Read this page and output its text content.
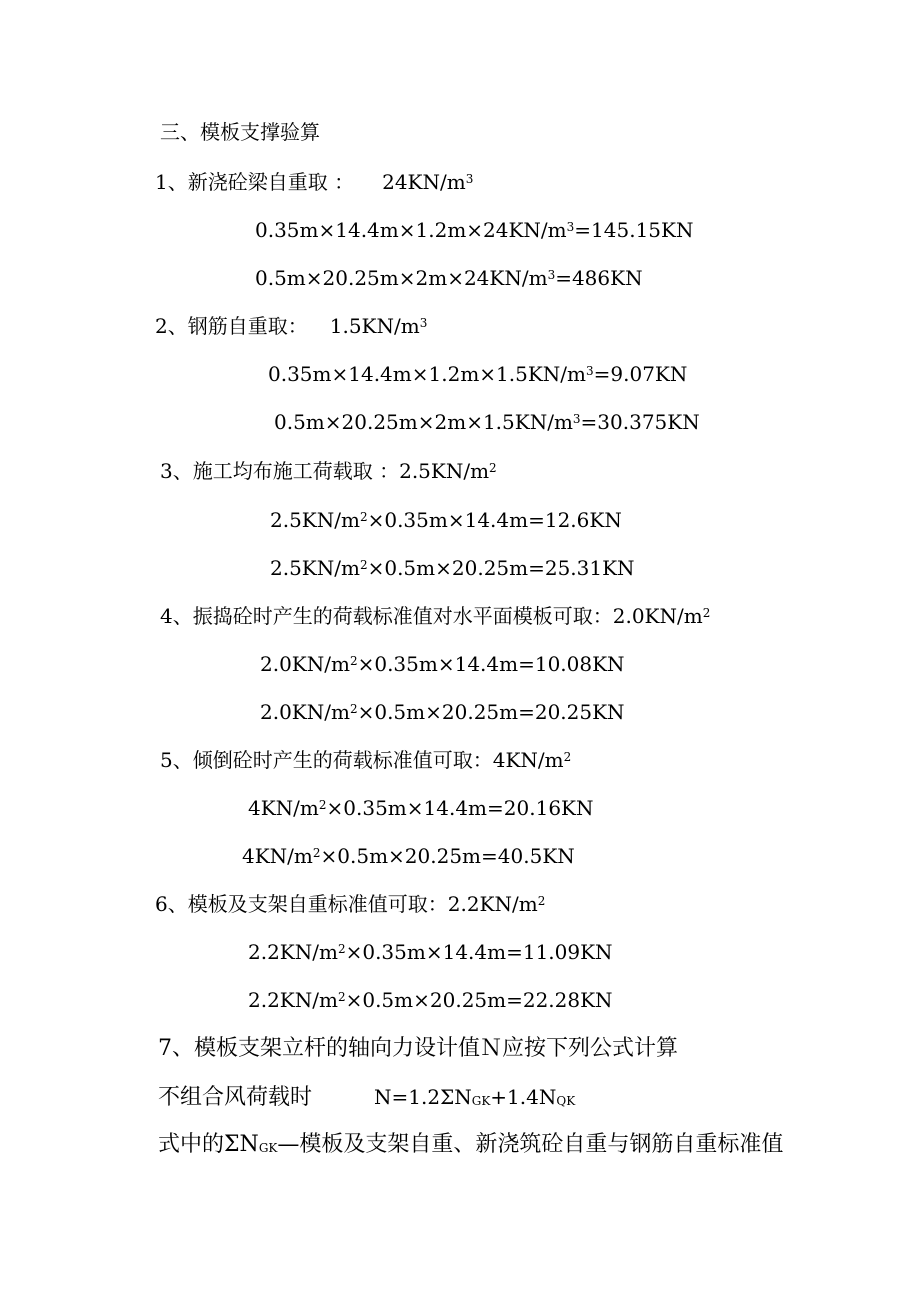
三、模板支撑验算
1、新浇砼梁自重取 ： $24KN/m^3$
$0.35m\times 14.4m\times 1.2m\times 24KN/m^3=145.15KN$
$0.5m\times 20.25m\times 2m\times 24KN/m^3=486KN$
2、钢筋自重取： $1.5KN/m^3$
$0.35m\times 14.4m\times 1.2m\times 1.5KN/m^3=9.07KN$
$0.5m\times 20.25m\times 2m\times 1.5KN/m^3=30.375KN$
3、施工均布施工荷载取 ：$2.5KN/m^2$
$2.5KN/m^2\times 0.35m\times 14.4m=12.6KN$
$2.5KN/m^2\times 0.5m\times 20.25m=25.31KN$
4、振捣砼时产生的荷载标准值对水平面模板可取：$2.0KN/m^2$
$2.0KN/m^2\times 0.35m\times 14.4m=10.08KN$
$2.0KN/m^2\times 0.5m\times 20.25m=20.25KN$
5、倾倒砼时产生的荷载标准值可取：$4KN/m^2$
$4KN/m^2\times 0.35m\times 14.4m=20.16KN$
$4KN/m^2\times 0.5m\times 20.25m=40.5KN$
6、模板及支架自重标准值可取：$2.2KN/m^2$
$2.2KN/m^2\times 0.35m\times 14.4m=11.09KN$
$2.2KN/m^2\times 0.5m\times 20.25m=22.28KN$
7、模板支架立杆的轴向力设计值Ｎ应按下列公式计算
不组合风荷载时	$N=1.2\Sigma N_{GK}+1.4N_{QK}$
式中的$\Sigma N_{GK}—$模板及支架自重、新浇筑砼自重与钢筋自重标准值
